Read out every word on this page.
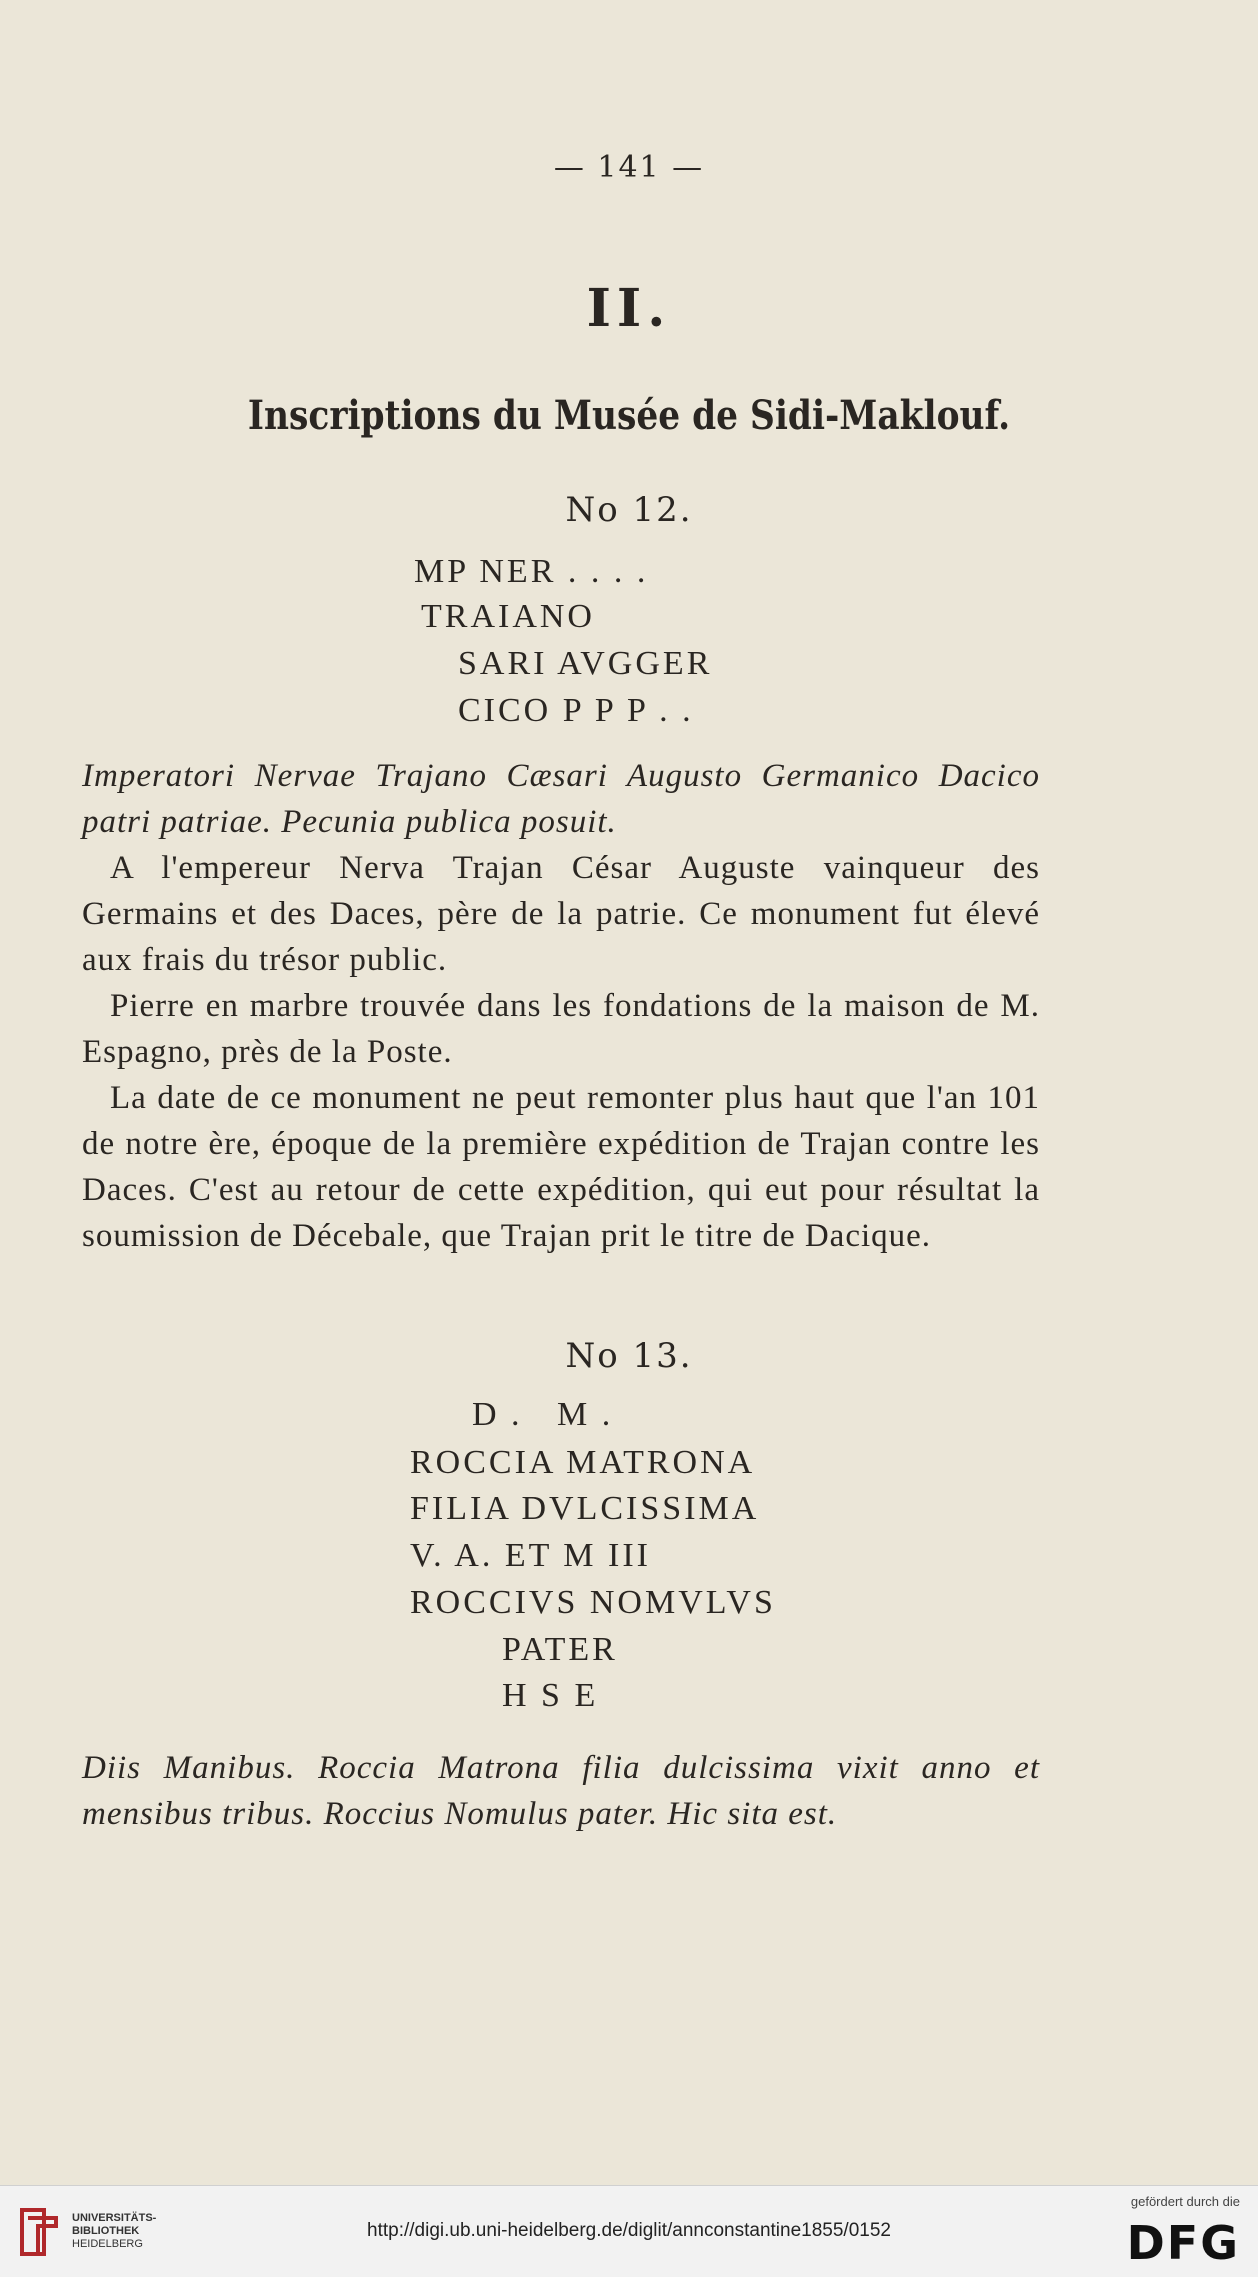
— 141 —
II.
Inscriptions du Musée de Sidi-Maklouf.
No 12.
MP NER . . . .
TRAIANO
SARI AVGGER
CICO P P P . .
Imperatori Nervae Trajano Cæsari Augusto Germanico Dacico patri patriae. Pecunia publica posuit.
A l'empereur Nerva Trajan César Auguste vainqueur des Germains et des Daces, père de la patrie. Ce monument fut élevé aux frais du trésor public.
Pierre en marbre trouvée dans les fondations de la maison de M. Espagno, près de la Poste.
La date de ce monument ne peut remonter plus haut que l'an 101 de notre ère, époque de la première expédition de Trajan contre les Daces. C'est au retour de cette expédition, qui eut pour résultat la soumission de Décebale, que Trajan prit le titre de Dacique.
No 13.
D .   M .
ROCCIA MATRONA
FILIA DVLCISSIMA
V. A. ET M III
ROCCIVS NOMVLVS
PATER
H S E
Diis Manibus. Roccia Matrona filia dulcissima vixit anno et mensibus tribus. Roccius Nomulus pater. Hic sita est.
UNIVERSITÄTS-
BIBLIOTHEK
HEIDELBERG
http://digi.ub.uni-heidelberg.de/diglit/annconstantine1855/0152
gefördert durch die
DFG
